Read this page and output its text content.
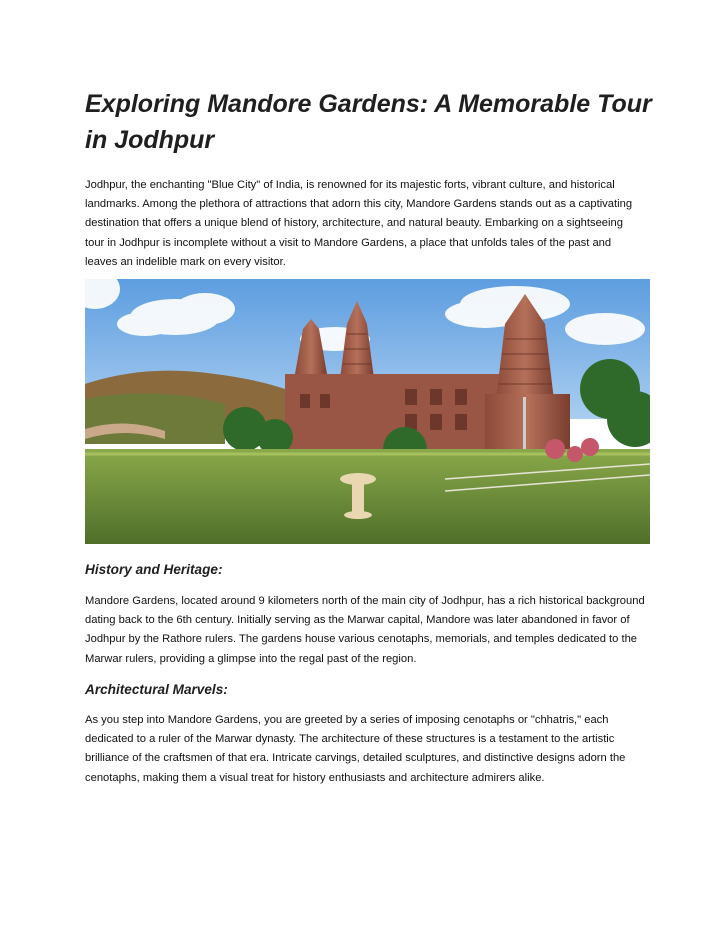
Exploring Mandore Gardens: A Memorable Tour in Jodhpur

Jodhpur, the enchanting "Blue City" of India, is renowned for its majestic forts, vibrant culture, and historical landmarks. Among the plethora of attractions that adorn this city, Mandore Gardens stands out as a captivating destination that offers a unique blend of history, architecture, and natural beauty. Embarking on a sightseeing tour in Jodhpur is incomplete without a visit to Mandore Gardens, a place that unfolds tales of the past and leaves an indelible mark on every visitor.

History and Heritage:

Mandore Gardens, located around 9 kilometers north of the main city of Jodhpur, has a rich historical background dating back to the 6th century. Initially serving as the Marwar capital, Mandore was later abandoned in favor of Jodhpur by the Rathore rulers. The gardens house various cenotaphs, memorials, and temples dedicated to the Marwar rulers, providing a glimpse into the regal past of the region.

Architectural Marvels:

As you step into Mandore Gardens, you are greeted by a series of imposing cenotaphs or "chhatris," each dedicated to a ruler of the Marwar dynasty. The architecture of these structures is a testament to the artistic brilliance of the craftsmen of that era. Intricate carvings, detailed sculptures, and distinctive designs adorn the cenotaphs, making them a visual treat for history enthusiasts and architecture admirers alike.
